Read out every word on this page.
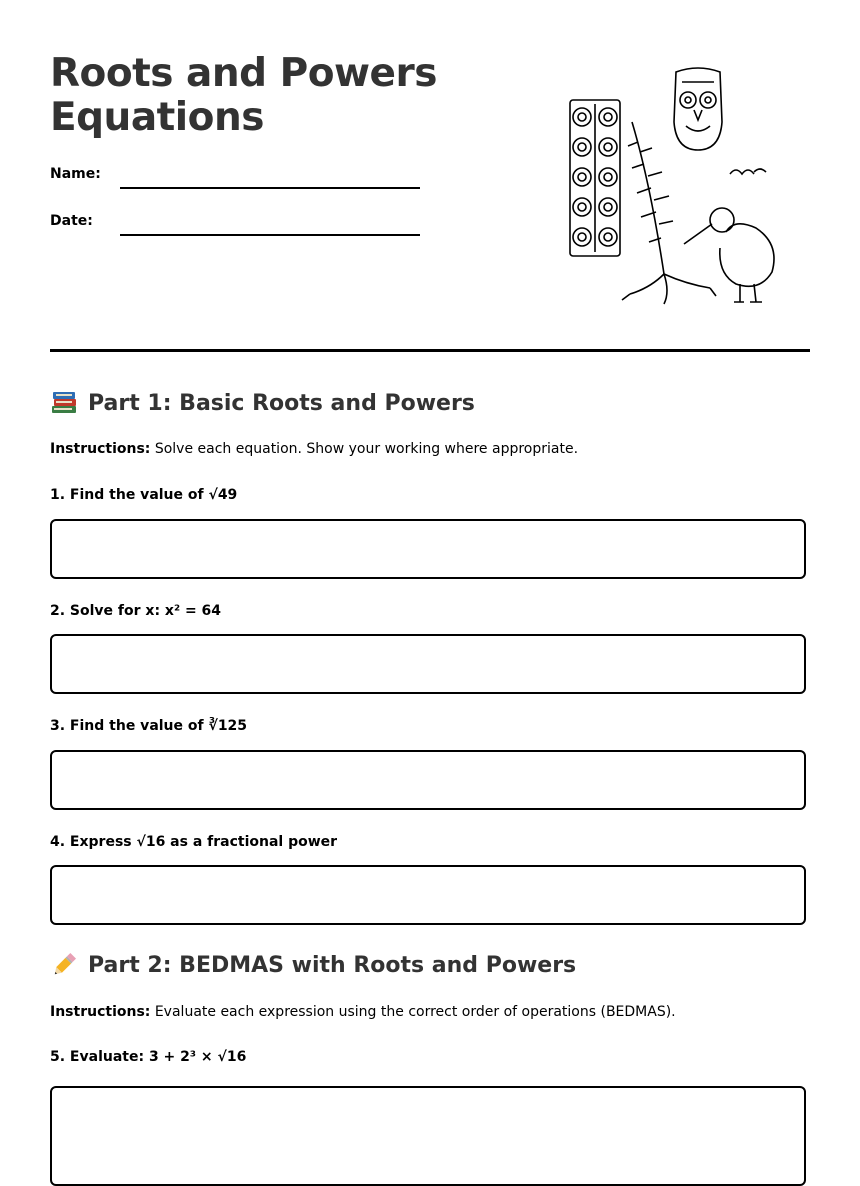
Roots and Powers
Equations
Name:
Date:
Part 1: Basic Roots and Powers
Instructions: Solve each equation. Show your working where appropriate.
1. Find the value of √49
2. Solve for x: x² = 64
3. Find the value of ∛125
4. Express √16 as a fractional power
Part 2: BEDMAS with Roots and Powers
Instructions: Evaluate each expression using the correct order of operations (BEDMAS).
5. Evaluate: 3 + 2³ × √16
